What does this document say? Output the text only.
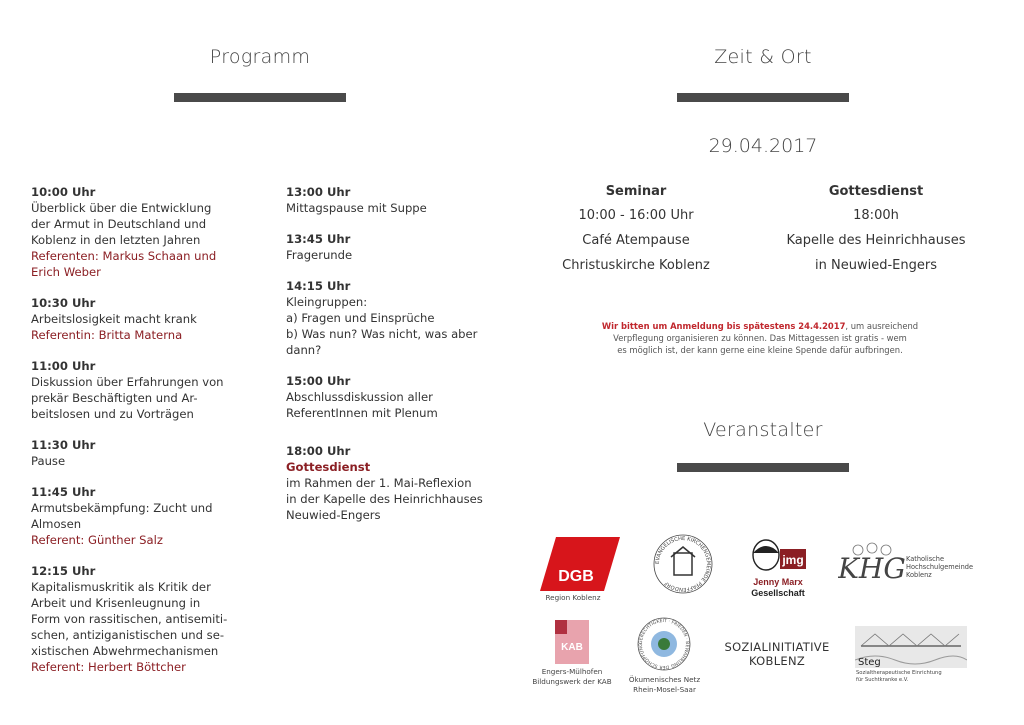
Programm	Zeit & Ort
Veranstalter
10:00 Uhr
Überblick über die Entwicklung
der Armut in Deutschland und
Koblenz in den letzten Jahren
Referenten: Markus Schaan und
Erich Weber
10:30 Uhr
Arbeitslosigkeit macht krank
Referentin: Britta Materna
11:00 Uhr
Diskussion über Erfahrungen von
prekär Beschäftigten und Ar-
beitslosen und zu Vorträgen
11:30 Uhr
Pause
11:45 Uhr
Armutsbekämpfung: Zucht und
Almosen
Referent: Günther Salz
12:15 Uhr
Kapitalismuskritik als Kritik der
Arbeit und Krisenleugnung in
Form von rassitischen, antisemiti-
schen, antiziganistischen und se-
xistischen Abwehrmechanismen
Referent: Herbert Böttcher
13:00 Uhr
Mittagspause mit Suppe
13:45 Uhr
Fragerunde
14:15 Uhr
Kleingruppen:
a) Fragen und Einsprüche
b) Was nun? Was nicht, was aber
dann?
15:00 Uhr
Abschlussdiskussion aller
ReferentInnen mit Plenum
18:00 Uhr
Gottesdienst
im Rahmen der 1. Mai-Reflexion
in der Kapelle des Heinrichhauses
Neuwied-Engers
29.04.2017
Seminar
10:00 - 16:00 Uhr
Café Atempause
Christuskirche Koblenz
Gottesdienst
18:00h
Kapelle des Heinrichhauses
in Neuwied-Engers
Wir bitten um Anmeldung bis spätestens 24.4.2017, um ausreichend
Verpflegung organisieren zu können. Das Mittagessen ist gratis - wem
es möglich ist, der kann gerne eine kleine Spende dafür aufbringen.
DGB
Region Koblenz
EVANGELISCHE KIRCHENGEMEINDE PFAFFENDORF
jmg
Jenny Marx
Gesellschaft
KHG Katholische
Hochschulgemeinde
Koblenz
KAB
Engers-Mülhofen
Bildungswerk der KAB
GERECHTIGKEIT · FRIEDEN · BEWAHRUNG DER SCHÖPFUNG
Ökumenisches Netz
Rhein-Mosel-Saar
SOZIALINITIATIVE
KOBLENZ	Steg
Sozialtherapeutische Einrichtung
für Suchtkranke e.V.
